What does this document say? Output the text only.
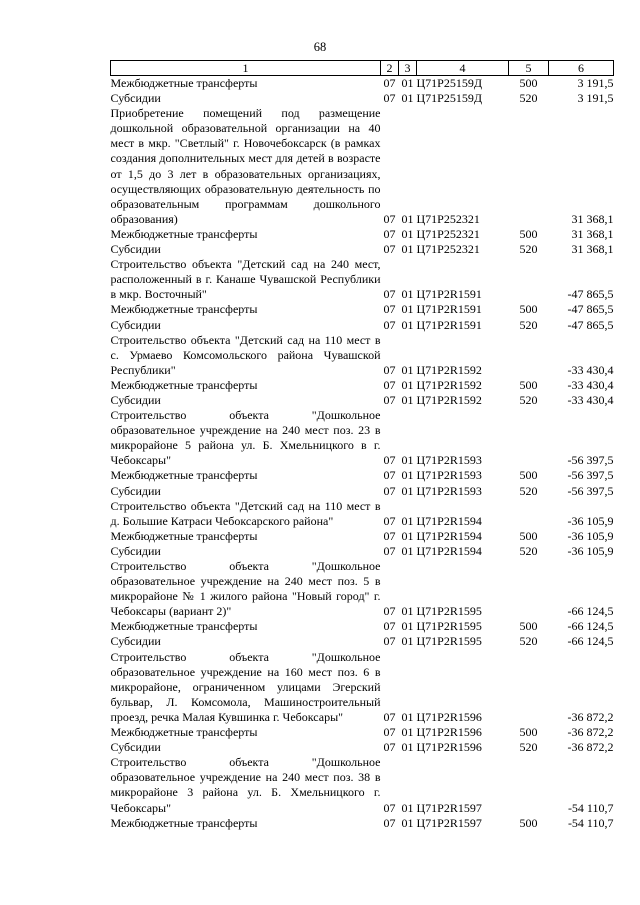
68
1	2	3	4	5	6
Межбюджетные трансферты	07	01	Ц71Р25159Д	500	3 191,5
Субсидии	07	01	Ц71Р25159Д	520	3 191,5
Приобретение помещений под размещение дошкольной образовательной организации на 40 мест в мкр. "Светлый" г. Новочебоксарск (в рамках создания дополнительных мест для детей в возрасте от 1,5 до 3 лет в образовательных организациях, осуществляющих образовательную деятельность по образовательным программам дошкольного образования)	07	01	Ц71Р252321		31 368,1
Межбюджетные трансферты	07	01	Ц71Р252321	500	31 368,1
Субсидии	07	01	Ц71Р252321	520	31 368,1
Строительство объекта "Детский сад на 240 мест, расположенный в г. Канаше Чувашской Республики в мкр. Восточный"	07	01	Ц71Р2R1591		-47 865,5
Межбюджетные трансферты	07	01	Ц71Р2R1591	500	-47 865,5
Субсидии	07	01	Ц71Р2R1591	520	-47 865,5
Строительство объекта "Детский сад на 110 мест в с. Урмаево Комсомольского района Чувашской Республики"	07	01	Ц71Р2R1592		-33 430,4
Межбюджетные трансферты	07	01	Ц71Р2R1592	500	-33 430,4
Субсидии	07	01	Ц71Р2R1592	520	-33 430,4
Строительство объекта "Дошкольное образовательное учреждение на 240 мест поз. 23 в микрорайоне 5 района ул. Б. Хмельницкого в г. Чебоксары"	07	01	Ц71Р2R1593		-56 397,5
Межбюджетные трансферты	07	01	Ц71Р2R1593	500	-56 397,5
Субсидии	07	01	Ц71Р2R1593	520	-56 397,5
Строительство объекта "Детский сад на 110 мест в д. Большие Катраси Чебоксарского района"	07	01	Ц71Р2R1594		-36 105,9
Межбюджетные трансферты	07	01	Ц71Р2R1594	500	-36 105,9
Субсидии	07	01	Ц71Р2R1594	520	-36 105,9
Строительство объекта "Дошкольное образовательное учреждение на 240 мест поз. 5 в микрорайоне № 1 жилого района "Новый город" г. Чебоксары (вариант 2)"	07	01	Ц71Р2R1595		-66 124,5
Межбюджетные трансферты	07	01	Ц71Р2R1595	500	-66 124,5
Субсидии	07	01	Ц71Р2R1595	520	-66 124,5
Строительство объекта "Дошкольное образовательное учреждение на 160 мест поз. 6 в микрорайоне, ограниченном улицами Эгерский бульвар, Л. Комсомола, Машиностроительный проезд, речка Малая Кувшинка г. Чебоксары"	07	01	Ц71Р2R1596		-36 872,2
Межбюджетные трансферты	07	01	Ц71Р2R1596	500	-36 872,2
Субсидии	07	01	Ц71Р2R1596	520	-36 872,2
Строительство объекта "Дошкольное образовательное учреждение на 240 мест поз. 38 в микрорайоне 3 района ул. Б. Хмельницкого г. Чебоксары"	07	01	Ц71Р2R1597		-54 110,7
Межбюджетные трансферты	07	01	Ц71Р2R1597	500	-54 110,7
